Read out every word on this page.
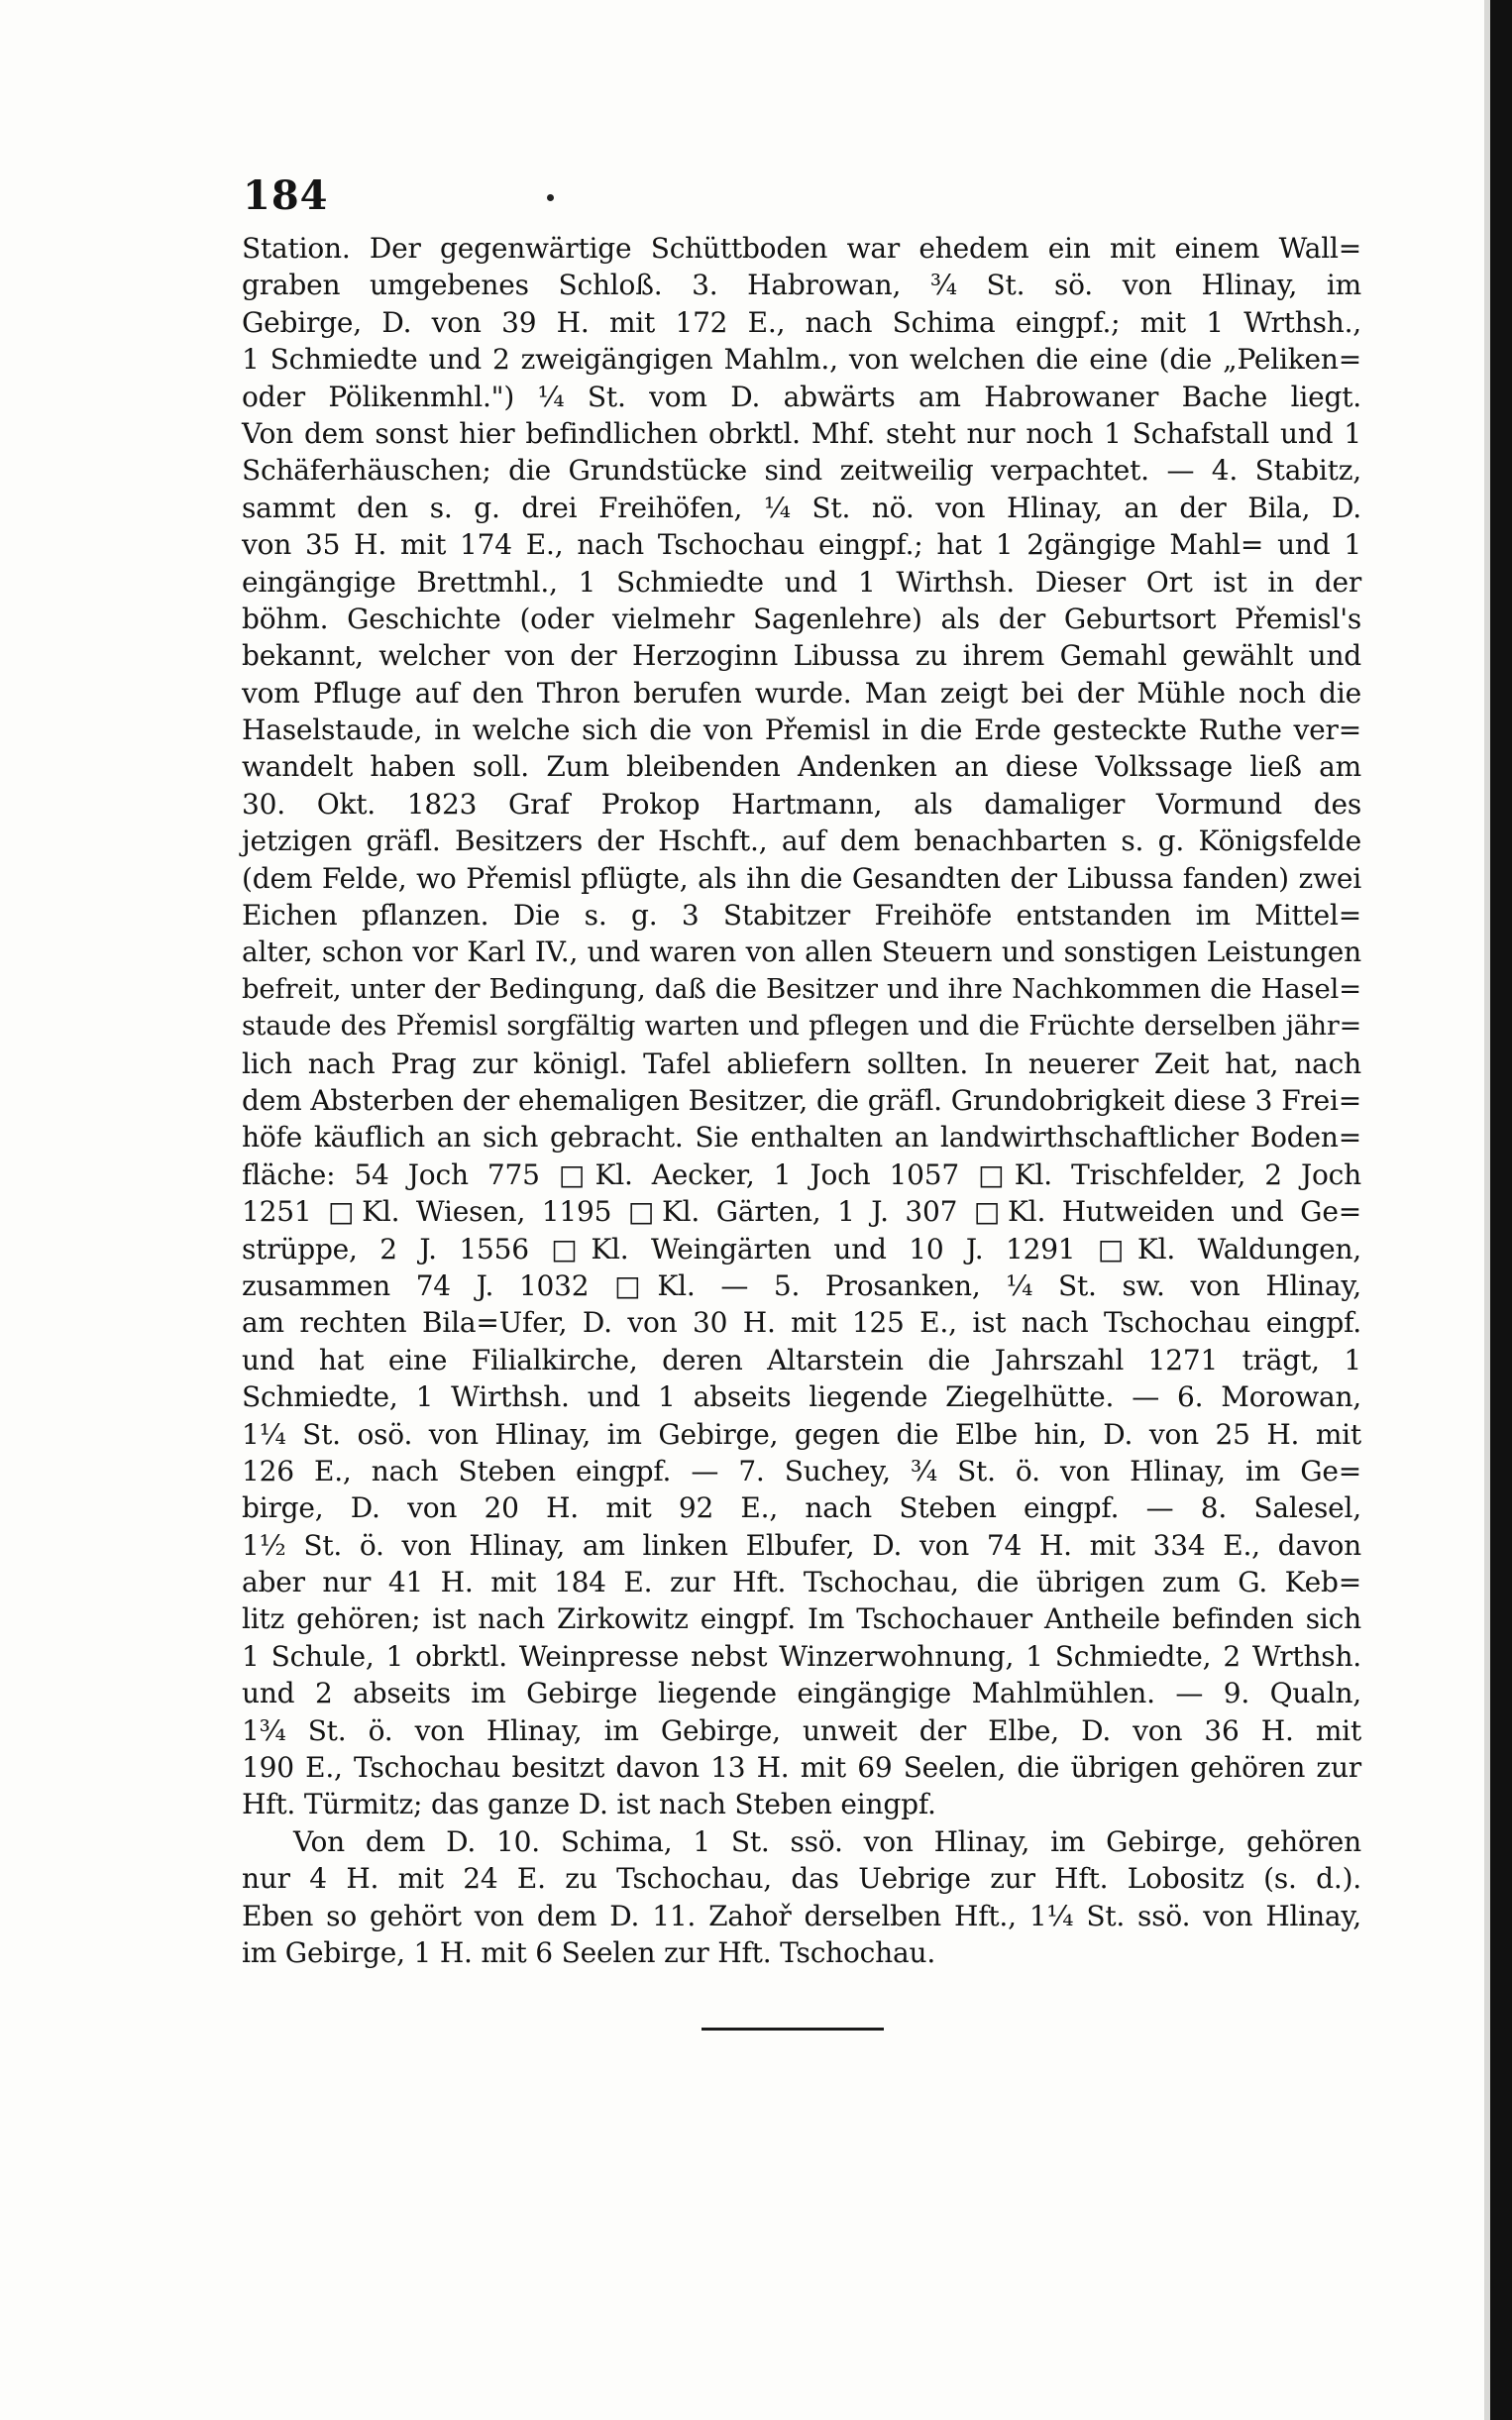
184
Station. Der gegenwärtige Schüttboden war ehedem ein mit einem Wall=
graben umgebenes Schloß. 3. Habrowan, ¾ St. sö. von Hlinay, im
Gebirge, D. von 39 H. mit 172 E., nach Schima eingpf.; mit 1 Wrthsh.,
1 Schmiedte und 2 zweigängigen Mahlm., von welchen die eine (die „Peliken=
oder Pölikenmhl.") ¼ St. vom D. abwärts am Habrowaner Bache liegt.
Von dem sonst hier befindlichen obrktl. Mhf. steht nur noch 1 Schafstall und 1
Schäferhäuschen; die Grundstücke sind zeitweilig verpachtet. — 4. Stabitz,
sammt den s. g. drei Freihöfen, ¼ St. nö. von Hlinay, an der Bila, D.
von 35 H. mit 174 E., nach Tschochau eingpf.; hat 1 2gängige Mahl= und 1
eingängige Brettmhl., 1 Schmiedte und 1 Wirthsh. Dieser Ort ist in der
böhm. Geschichte (oder vielmehr Sagenlehre) als der Geburtsort Přemisl's
bekannt, welcher von der Herzoginn Libussa zu ihrem Gemahl gewählt und
vom Pfluge auf den Thron berufen wurde. Man zeigt bei der Mühle noch die
Haselstaude, in welche sich die von Přemisl in die Erde gesteckte Ruthe ver=
wandelt haben soll. Zum bleibenden Andenken an diese Volkssage ließ am
30. Okt. 1823 Graf Prokop Hartmann, als damaliger Vormund des
jetzigen gräfl. Besitzers der Hschft., auf dem benachbarten s. g. Königsfelde
(dem Felde, wo Přemisl pflügte, als ihn die Gesandten der Libussa fanden) zwei
Eichen pflanzen. Die s. g. 3 Stabitzer Freihöfe entstanden im Mittel=
alter, schon vor Karl IV., und waren von allen Steuern und sonstigen Leistungen
befreit, unter der Bedingung, daß die Besitzer und ihre Nachkommen die Hasel=
staude des Přemisl sorgfältig warten und pflegen und die Früchte derselben jähr=
lich nach Prag zur königl. Tafel abliefern sollten. In neuerer Zeit hat, nach
dem Absterben der ehemaligen Besitzer, die gräfl. Grundobrigkeit diese 3 Frei=
höfe käuflich an sich gebracht. Sie enthalten an landwirthschaftlicher Boden=
fläche: 54 Joch 775 □Kl. Aecker, 1 Joch 1057 □Kl. Trischfelder, 2 Joch
1251 □Kl. Wiesen, 1195 □Kl. Gärten, 1 J. 307 □Kl. Hutweiden und Ge=
strüppe, 2 J. 1556 □Kl. Weingärten und 10 J. 1291 □Kl. Waldungen,
zusammen 74 J. 1032 □Kl. — 5. Prosanken, ¼ St. sw. von Hlinay,
am rechten Bila=Ufer, D. von 30 H. mit 125 E., ist nach Tschochau eingpf.
und hat eine Filialkirche, deren Altarstein die Jahrszahl 1271 trägt, 1
Schmiedte, 1 Wirthsh. und 1 abseits liegende Ziegelhütte. — 6. Morowan,
1¼ St. osö. von Hlinay, im Gebirge, gegen die Elbe hin, D. von 25 H. mit
126 E., nach Steben eingpf. — 7. Suchey, ¾ St. ö. von Hlinay, im Ge=
birge, D. von 20 H. mit 92 E., nach Steben eingpf. — 8. Salesel,
1½ St. ö. von Hlinay, am linken Elbufer, D. von 74 H. mit 334 E., davon
aber nur 41 H. mit 184 E. zur Hft. Tschochau, die übrigen zum G. Keb=
litz gehören; ist nach Zirkowitz eingpf. Im Tschochauer Antheile befinden sich
1 Schule, 1 obrktl. Weinpresse nebst Winzerwohnung, 1 Schmiedte, 2 Wrthsh.
und 2 abseits im Gebirge liegende eingängige Mahlmühlen. — 9. Qualn,
1¾ St. ö. von Hlinay, im Gebirge, unweit der Elbe, D. von 36 H. mit
190 E., Tschochau besitzt davon 13 H. mit 69 Seelen, die übrigen gehören zur
Hft. Türmitz; das ganze D. ist nach Steben eingpf.
Von dem D. 10. Schima, 1 St. ssö. von Hlinay, im Gebirge, gehören
nur 4 H. mit 24 E. zu Tschochau, das Uebrige zur Hft. Lobositz (s. d.).
Eben so gehört von dem D. 11. Zahoř derselben Hft., 1¼ St. ssö. von Hlinay,
im Gebirge, 1 H. mit 6 Seelen zur Hft. Tschochau.
